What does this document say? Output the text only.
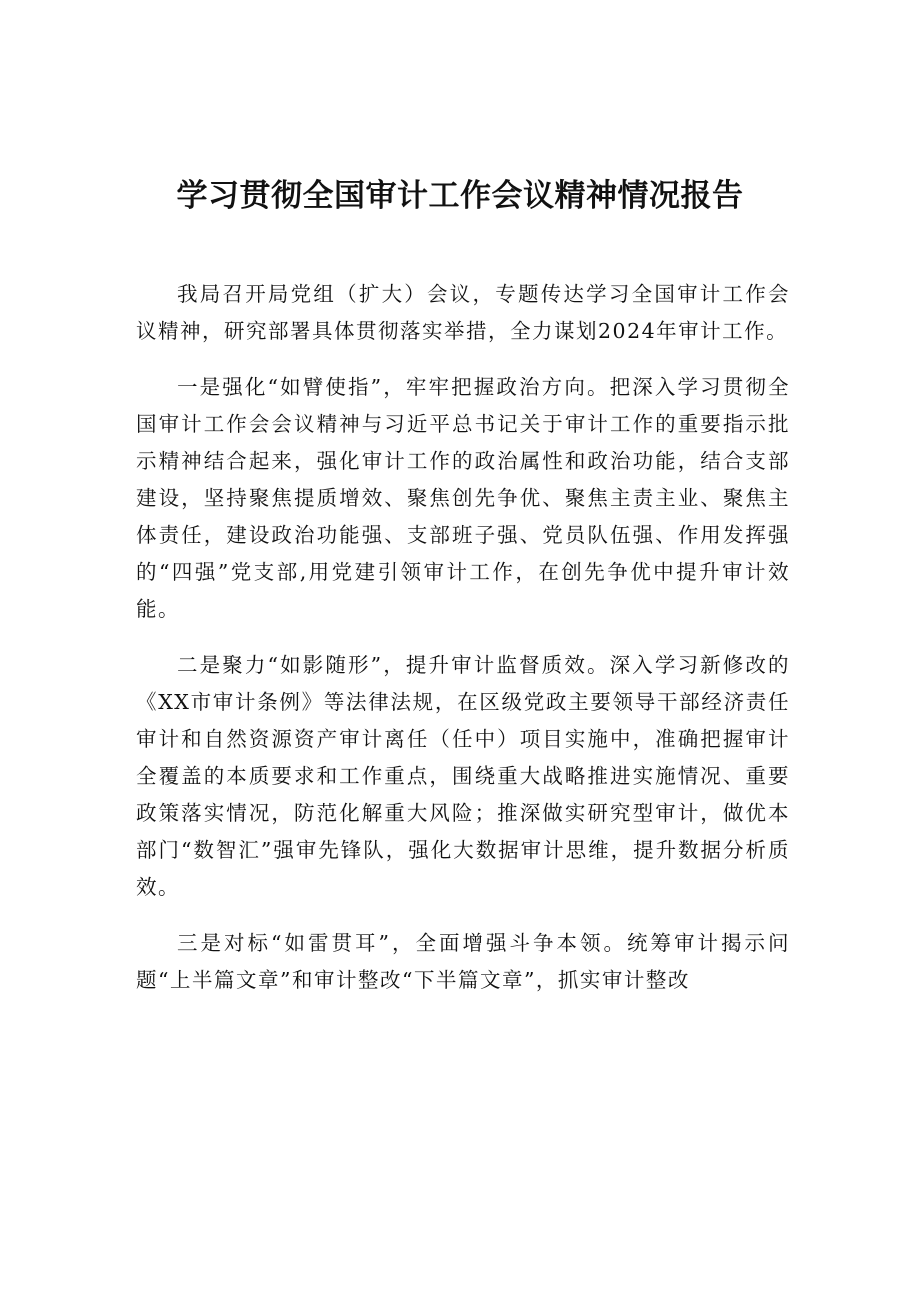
学习贯彻全国审计工作会议精神情况报告

我局召开局党组（扩大）会议，专题传达学习全国审计工作会议精神，研究部署具体贯彻落实举措，全力谋划2024年审计工作。

一是强化“如臂使指”，牢牢把握政治方向。把深入学习贯彻全国审计工作会会议精神与习近平总书记关于审计工作的重要指示批示精神结合起来，强化审计工作的政治属性和政治功能，结合支部建设，坚持聚焦提质增效、聚焦创先争优、聚焦主责主业、聚焦主体责任，建设政治功能强、支部班子强、党员队伍强、作用发挥强的“四强”党支部,用党建引领审计工作，在创先争优中提升审计效能。

二是聚力“如影随形”，提升审计监督质效。深入学习新修改的《XX市审计条例》等法律法规，在区级党政主要领导干部经济责任审计和自然资源资产审计离任（任中）项目实施中，准确把握审计全覆盖的本质要求和工作重点，围绕重大战略推进实施情况、重要政策落实情况，防范化解重大风险；推深做实研究型审计，做优本部门“数智汇”强审先锋队，强化大数据审计思维，提升数据分析质效。

三是对标“如雷贯耳”，全面增强斗争本领。统筹审计揭示问题“上半篇文章”和审计整改“下半篇文章”，抓实审计整改
